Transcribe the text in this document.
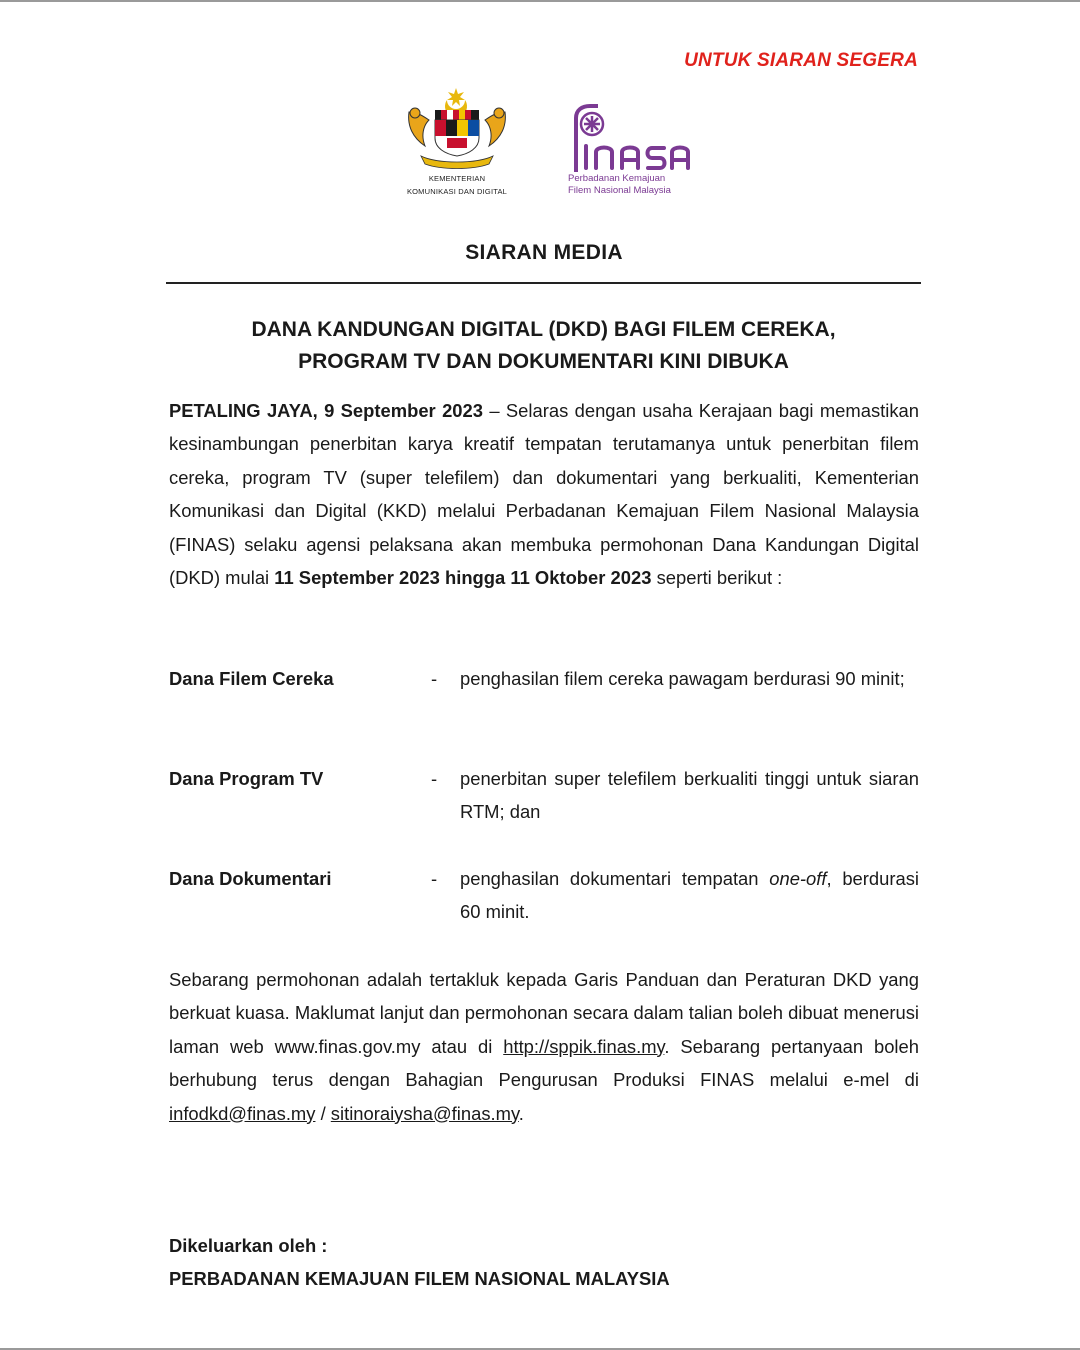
UNTUK SIARAN SEGERA
KEMENTERIAN
KOMUNIKASI DAN DIGITAL
Perbadanan Kemajuan
Filem Nasional Malaysia
SIARAN MEDIA
DANA KANDUNGAN DIGITAL (DKD) BAGI FILEM CEREKA,
PROGRAM TV DAN DOKUMENTARI KINI DIBUKA
PETALING JAYA, 9 September 2023 – Selaras dengan usaha Kerajaan bagi memastikan kesinambungan penerbitan karya kreatif tempatan terutamanya untuk penerbitan filem cereka, program TV (super telefilem) dan dokumentari yang berkualiti, Kementerian Komunikasi dan Digital (KKD) melalui Perbadanan Kemajuan Filem Nasional Malaysia (FINAS) selaku agensi pelaksana akan membuka permohonan Dana Kandungan Digital (DKD) mulai 11 September 2023 hingga 11 Oktober 2023 seperti berikut :
Dana Filem Cereka	- penghasilan filem cereka pawagam berdurasi 90 minit;
Dana Program TV	- penerbitan super telefilem berkualiti tinggi untuk siaran RTM; dan
Dana Dokumentari	- penghasilan dokumentari tempatan one-off, berdurasi 60 minit.
Sebarang permohonan adalah tertakluk kepada Garis Panduan dan Peraturan DKD yang berkuat kuasa. Maklumat lanjut dan permohonan secara dalam talian boleh dibuat menerusi laman web www.finas.gov.my atau di http://sppik.finas.my. Sebarang pertanyaan boleh berhubung terus dengan Bahagian Pengurusan Produksi FINAS melalui e-mel di infodkd@finas.my / sitinoraiysha@finas.my.
Dikeluarkan oleh :
PERBADANAN KEMAJUAN FILEM NASIONAL MALAYSIA
